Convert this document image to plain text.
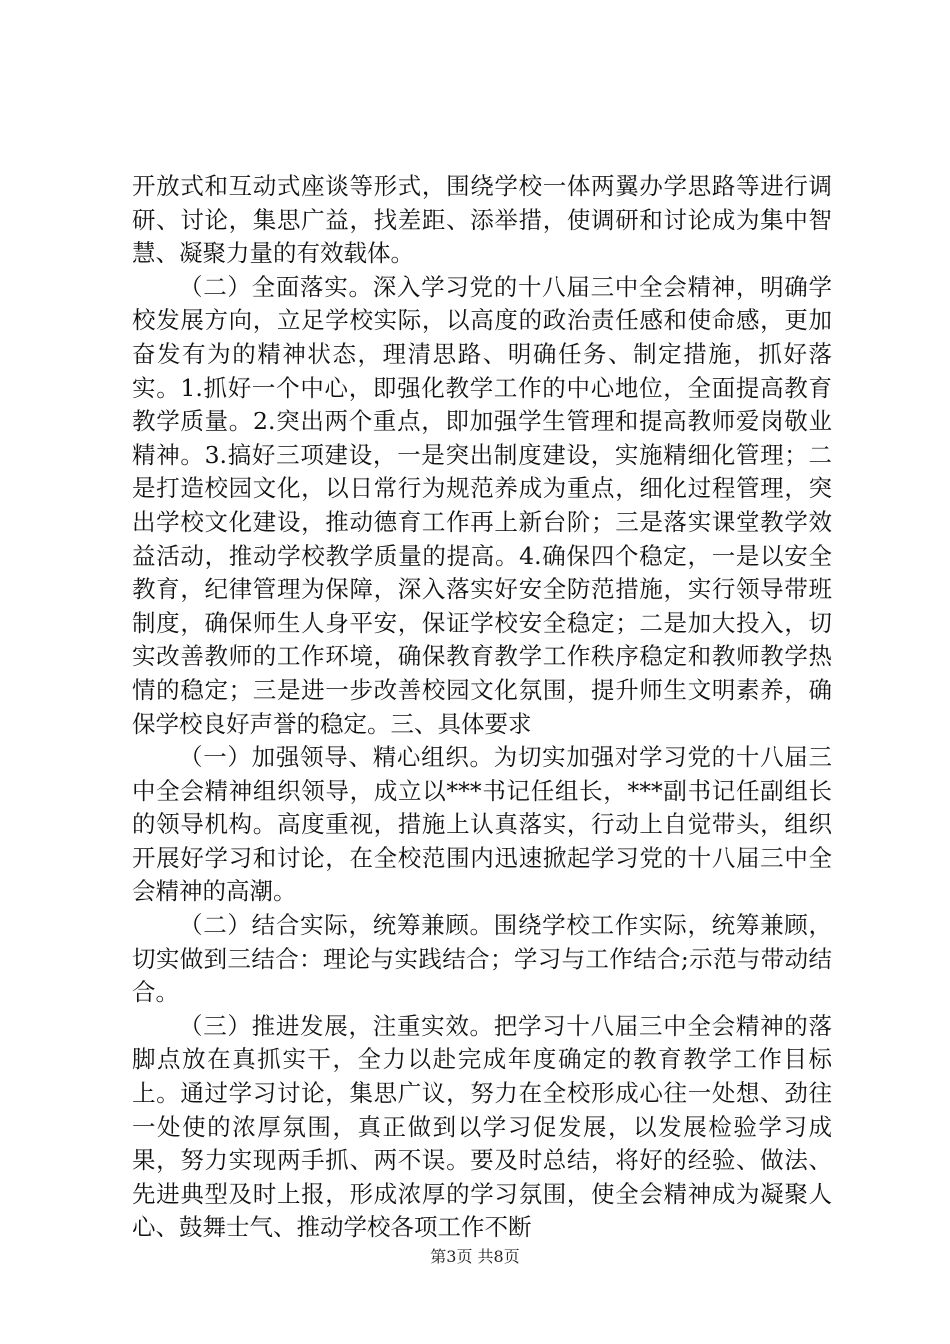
开放式和互动式座谈等形式，围绕学校一体两翼办学思路等进行调研、讨论，集思广益，找差距、添举措，使调研和讨论成为集中智慧、凝聚力量的有效载体。

（二）全面落实。深入学习党的十八届三中全会精神，明确学校发展方向，立足学校实际，以高度的政治责任感和使命感，更加奋发有为的精神状态，理清思路、明确任务、制定措施，抓好落实。1.抓好一个中心，即强化教学工作的中心地位，全面提高教育教学质量。2.突出两个重点，即加强学生管理和提高教师爱岗敬业精神。3.搞好三项建设，一是突出制度建设，实施精细化管理；二是打造校园文化，以日常行为规范养成为重点，细化过程管理，突出学校文化建设，推动德育工作再上新台阶；三是落实课堂教学效益活动，推动学校教学质量的提高。4.确保四个稳定，一是以安全教育，纪律管理为保障，深入落实好安全防范措施，实行领导带班制度，确保师生人身平安，保证学校安全稳定；二是加大投入，切实改善教师的工作环境，确保教育教学工作秩序稳定和教师教学热情的稳定；三是进一步改善校园文化氛围，提升师生文明素养，确保学校良好声誉的稳定。三、具体要求

（一）加强领导、精心组织。为切实加强对学习党的十八届三中全会精神组织领导，成立以***书记任组长，***副书记任副组长的领导机构。高度重视，措施上认真落实，行动上自觉带头，组织开展好学习和讨论，在全校范围内迅速掀起学习党的十八届三中全会精神的高潮。

（二）结合实际，统筹兼顾。围绕学校工作实际，统筹兼顾，切实做到三结合：理论与实践结合；学习与工作结合;示范与带动结合。

（三）推进发展，注重实效。把学习十八届三中全会精神的落脚点放在真抓实干，全力以赴完成年度确定的教育教学工作目标上。通过学习讨论，集思广议，努力在全校形成心往一处想、劲往一处使的浓厚氛围，真正做到以学习促发展，以发展检验学习成果，努力实现两手抓、两不误。要及时总结，将好的经验、做法、先进典型及时上报，形成浓厚的学习氛围，使全会精神成为凝聚人心、鼓舞士气、推动学校各项工作不断

第3页 共8页
